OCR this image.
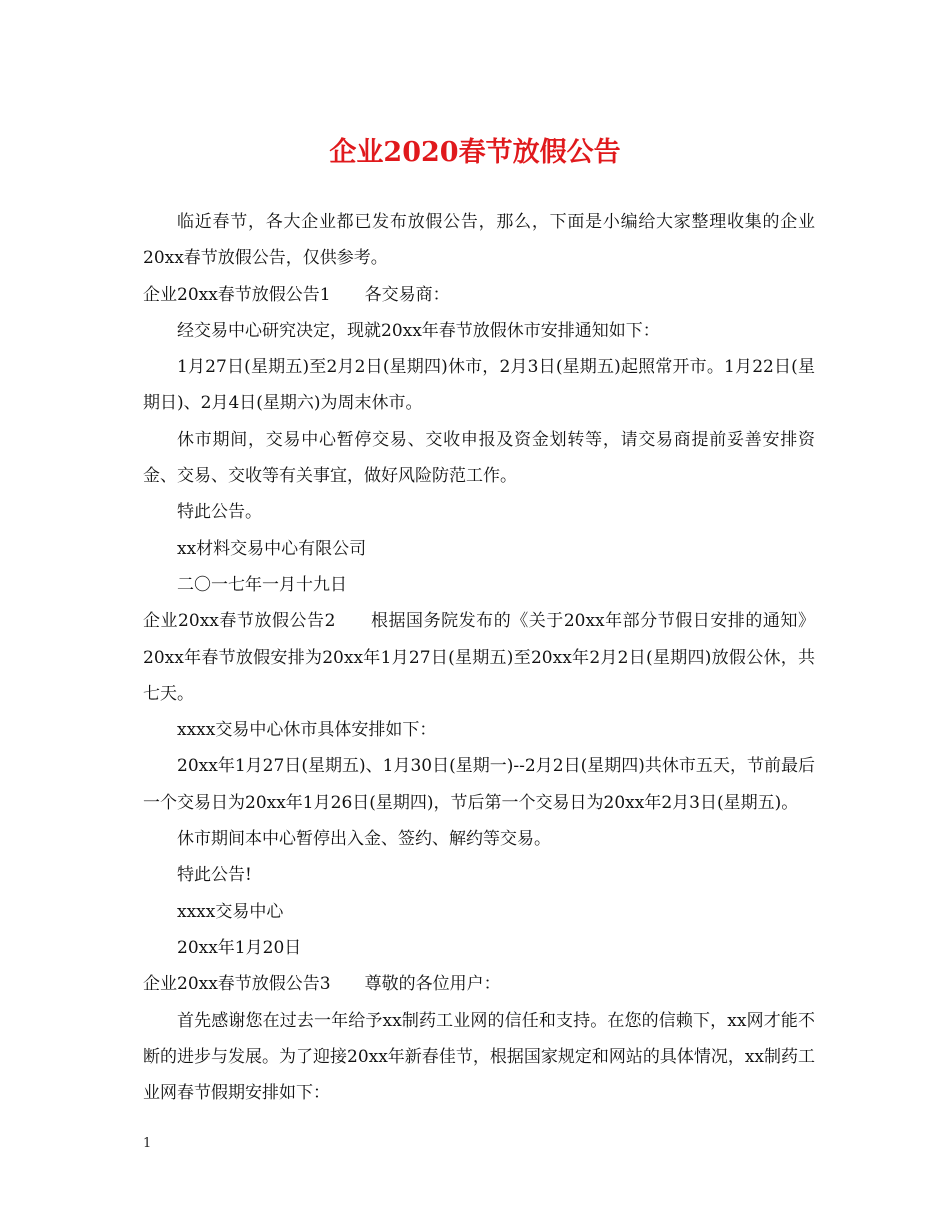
企业2020春节放假公告

临近春节，各大企业都已发布放假公告，那么，下面是小编给大家整理收集的企业20xx春节放假公告，仅供参考。

企业20xx春节放假公告1　　各交易商：

经交易中心研究决定，现就20xx年春节放假休市安排通知如下：

1月27日(星期五)至2月2日(星期四)休市，2月3日(星期五)起照常开市。1月22日(星期日)、2月4日(星期六)为周末休市。

休市期间，交易中心暂停交易、交收申报及资金划转等，请交易商提前妥善安排资金、交易、交收等有关事宜，做好风险防范工作。

特此公告。

xx材料交易中心有限公司

二〇一七年一月十九日

企业20xx春节放假公告2　　根据国务院发布的《关于20xx年部分节假日安排的通知》20xx年春节放假安排为20xx年1月27日(星期五)至20xx年2月2日(星期四)放假公休，共七天。

xxxx交易中心休市具体安排如下：

20xx年1月27日(星期五)、1月30日(星期一)--2月2日(星期四)共休市五天，节前最后一个交易日为20xx年1月26日(星期四)，节后第一个交易日为20xx年2月3日(星期五)。

休市期间本中心暂停出入金、签约、解约等交易。

特此公告!

xxxx交易中心

20xx年1月20日

企业20xx春节放假公告3　　尊敬的各位用户：

首先感谢您在过去一年给予xx制药工业网的信任和支持。在您的信赖下，xx网才能不断的进步与发展。为了迎接20xx年新春佳节，根据国家规定和网站的具体情况，xx制药工业网春节假期安排如下：

1
